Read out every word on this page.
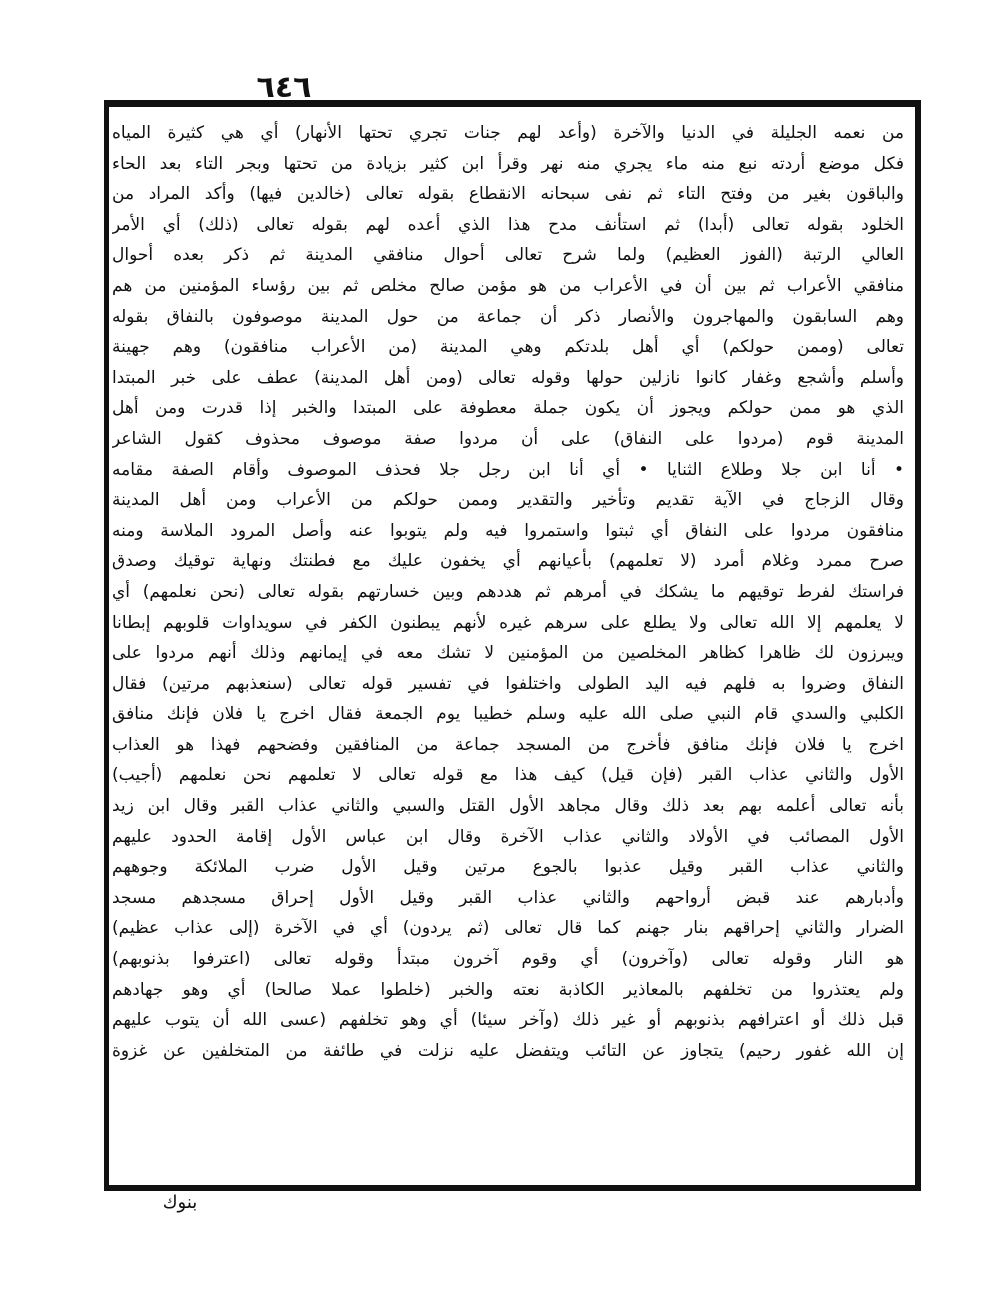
٦٤٦
من نعمه الجليلة في الدنيا والآخرة (وأعد لهم جنات تجري تحتها الأنهار) أي هي كثيرة المياه
فكل موضع أردته نبع منه ماء يجري منه نهر وقرأ ابن كثير بزيادة من تحتها وبجر التاء بعد الحاء
والباقون بغير من وفتح التاء ثم نفى سبحانه الانقطاع بقوله تعالى (خالدين فيها) وأكد المراد من
الخلود بقوله تعالى (أبدا) ثم استأنف مدح هذا الذي أعده لهم بقوله تعالى (ذلك) أي الأمر
العالي الرتبة (الفوز العظيم) ولما شرح تعالى أحوال منافقي المدينة ثم ذكر بعده أحوال
منافقي الأعراب ثم بين أن في الأعراب من هو مؤمن صالح مخلص ثم بين رؤساء المؤمنين من هم
وهم السابقون والمهاجرون والأنصار ذكر أن جماعة من حول المدينة موصوفون بالنفاق بقوله
تعالى (وممن حولكم) أي أهل بلدتكم وهي المدينة (من الأعراب منافقون) وهم جهينة
وأسلم وأشجع وغفار كانوا نازلين حولها وقوله تعالى (ومن أهل المدينة) عطف على خبر المبتدا
الذي هو ممن حولكم ويجوز أن يكون جملة معطوفة على المبتدا والخبر إذا قدرت ومن أهل
المدينة قوم (مردوا على النفاق) على أن مردوا صفة موصوف محذوف كقول الشاعر
• أنا ابن جلا وطلاع الثنايا • أي أنا ابن رجل جلا فحذف الموصوف وأقام الصفة مقامه
وقال الزجاج في الآية تقديم وتأخير والتقدير وممن حولكم من الأعراب ومن أهل المدينة
منافقون مردوا على النفاق أي ثبتوا واستمروا فيه ولم يتوبوا عنه وأصل المرود الملاسة ومنه
صرح ممرد وغلام أمرد (لا تعلمهم) بأعيانهم أي يخفون عليك مع فطنتك ونهاية توقيك وصدق
فراستك لفرط توقيهم ما يشكك في أمرهم ثم هددهم وبين خسارتهم بقوله تعالى (نحن نعلمهم) أي
لا يعلمهم إلا الله تعالى ولا يطلع على سرهم غيره لأنهم يبطنون الكفر في سويداوات قلوبهم إبطانا
ويبرزون لك ظاهرا كظاهر المخلصين من المؤمنين لا تشك معه في إيمانهم وذلك أنهم مردوا على
النفاق وضروا به فلهم فيه اليد الطولى واختلفوا في تفسير قوله تعالى (سنعذبهم مرتين) فقال
الكلبي والسدي قام النبي صلى الله عليه وسلم خطيبا يوم الجمعة فقال اخرج يا فلان فإنك منافق
اخرج يا فلان فإنك منافق فأخرج من المسجد جماعة من المنافقين وفضحهم فهذا هو العذاب
الأول والثاني عذاب القبر (فإن قيل) كيف هذا مع قوله تعالى لا تعلمهم نحن نعلمهم (أجيب)
بأنه تعالى أعلمه بهم بعد ذلك وقال مجاهد الأول القتل والسبي والثاني عذاب القبر وقال ابن زيد
الأول المصائب في الأولاد والثاني عذاب الآخرة وقال ابن عباس الأول إقامة الحدود عليهم
والثاني عذاب القبر وقيل عذبوا بالجوع مرتين وقيل الأول ضرب الملائكة وجوههم
وأدبارهم عند قبض أرواحهم والثاني عذاب القبر وقيل الأول إحراق مسجدهم مسجد
الضرار والثاني إحراقهم بنار جهنم كما قال تعالى (ثم يردون) أي في الآخرة (إلى عذاب عظيم)
هو النار وقوله تعالى (وآخرون) أي وقوم آخرون مبتدأ وقوله تعالى (اعترفوا بذنوبهم)
ولم يعتذروا من تخلفهم بالمعاذير الكاذبة نعته والخبر (خلطوا عملا صالحا) أي وهو جهادهم
قبل ذلك أو اعترافهم بذنوبهم أو غير ذلك (وآخر سيئا) أي وهو تخلفهم (عسى الله أن يتوب عليهم
إن الله غفور رحيم) يتجاوز عن التائب ويتفضل عليه نزلت في طائفة من المتخلفين عن غزوة
بنوك
